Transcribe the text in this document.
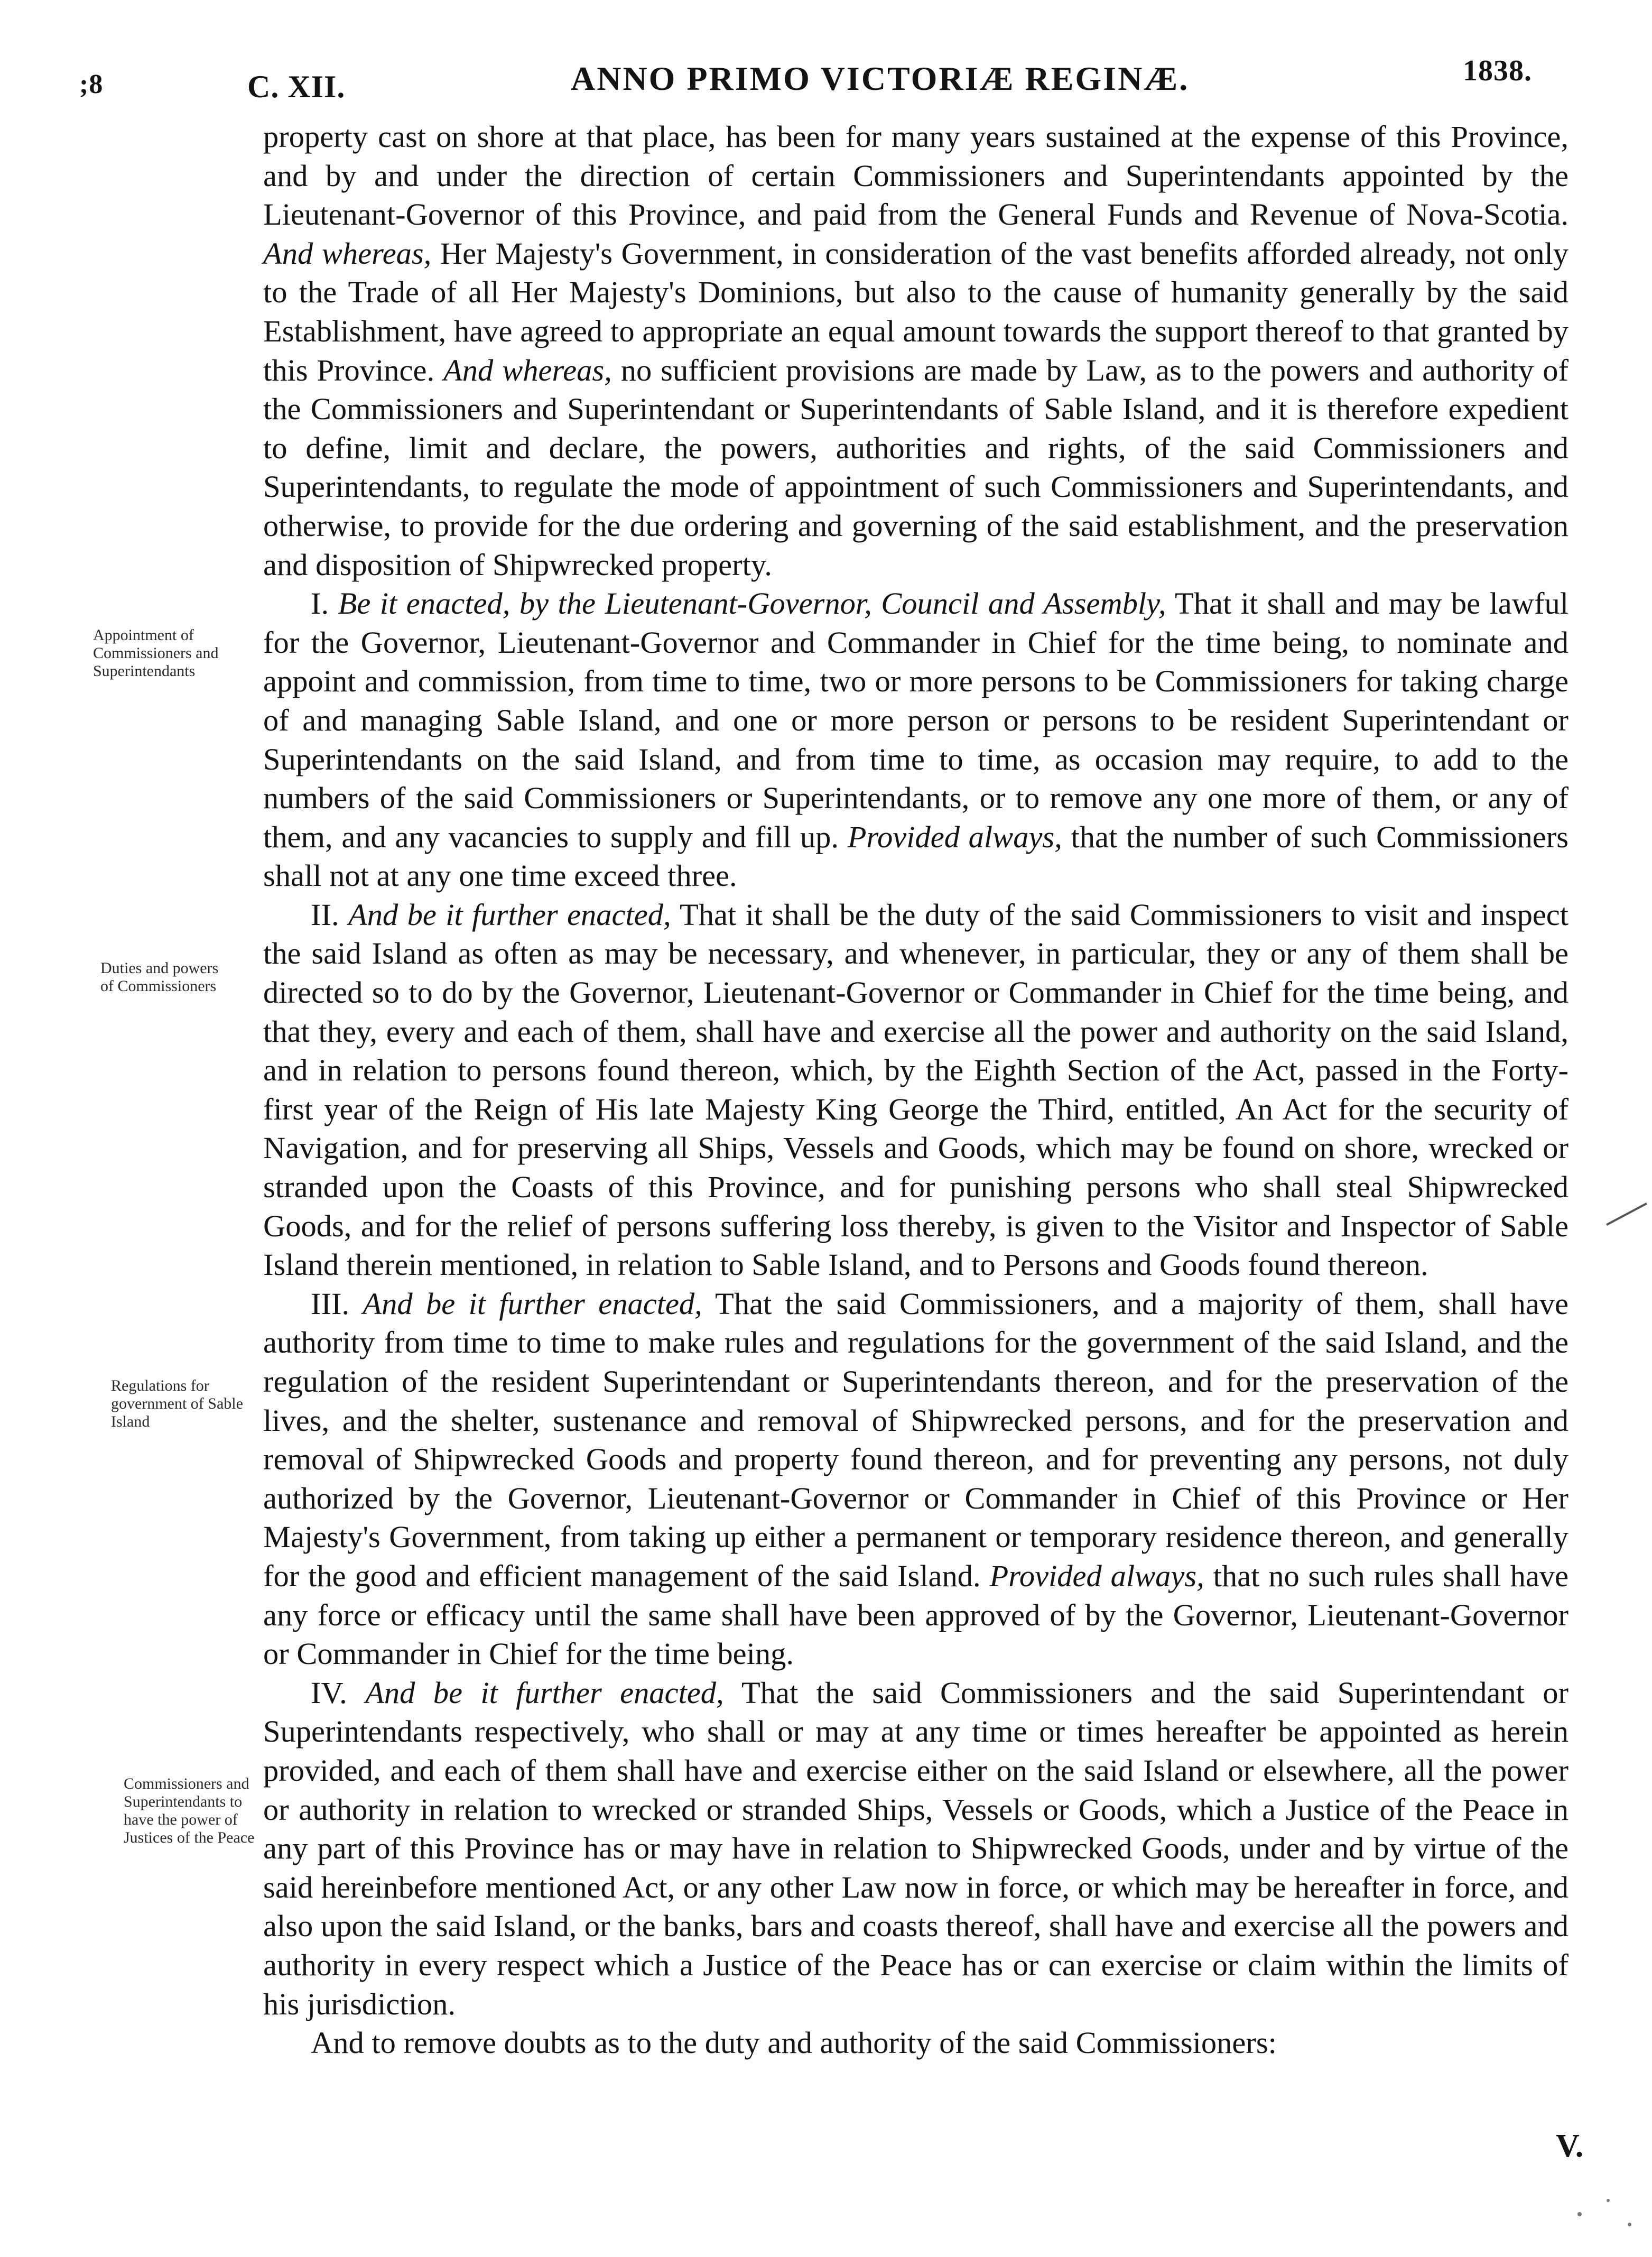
;8	C. XII.	ANNO PRIMO VICTORIÆ REGINÆ.	1838.

property cast on shore at that place, has been for many years sustained at the expense of this Province, and by and under the direction of certain Commissioners and Superintendants appointed by the Lieutenant-Governor of this Province, and paid from the General Funds and Revenue of Nova-Scotia. And whereas, Her Majesty's Government, in consideration of the vast benefits afforded already, not only to the Trade of all Her Majesty's Dominions, but also to the cause of humanity generally by the said Establishment, have agreed to appropriate an equal amount towards the support thereof to that granted by this Province. And whereas, no sufficient provisions are made by Law, as to the powers and authority of the Commissioners and Superintendant or Superintendants of Sable Island, and it is therefore expedient to define, limit and declare, the powers, authorities and rights, of the said Commissioners and Superintendants, to regulate the mode of appointment of such Commissioners and Superintendants, and otherwise, to provide for the due ordering and governing of the said establishment, and the preservation and disposition of Shipwrecked property.

I. Be it enacted, by the Lieutenant-Governor, Council and Assembly, That it shall and may be lawful for the Governor, Lieutenant-Governor and Commander in Chief for the time being, to nominate and appoint and commission, from time to time, two or more persons to be Commissioners for taking charge of and managing Sable Island, and one or more person or persons to be resident Superintendant or Superintendants on the said Island, and from time to time, as occasion may require, to add to the numbers of the said Commissioners or Superintendants, or to remove any one more of them, or any of them, and any vacancies to supply and fill up. Provided always, that the number of such Commissioners shall not at any one time exceed three.

II. And be it further enacted, That it shall be the duty of the said Commissioners to visit and inspect the said Island as often as may be necessary, and whenever, in particular, they or any of them shall be directed so to do by the Governor, Lieutenant-Governor or Commander in Chief for the time being, and that they, every and each of them, shall have and exercise all the power and authority on the said Island, and in relation to persons found thereon, which, by the Eighth Section of the Act, passed in the Forty-first year of the Reign of His late Majesty King George the Third, entitled, An Act for the security of Navigation, and for preserving all Ships, Vessels and Goods, which may be found on shore, wrecked or stranded upon the Coasts of this Province, and for punishing persons who shall steal Shipwrecked Goods, and for the relief of persons suffering loss thereby, is given to the Visitor and Inspector of Sable Island therein mentioned, in relation to Sable Island, and to Persons and Goods found thereon.

III. And be it further enacted, That the said Commissioners, and a majority of them, shall have authority from time to time to make rules and regulations for the government of the said Island, and the regulation of the resident Superintendant or Superintendants thereon, and for the preservation of the lives, and the shelter, sustenance and removal of Shipwrecked persons, and for the preservation and removal of Shipwrecked Goods and property found thereon, and for preventing any persons, not duly authorized by the Governor, Lieutenant-Governor or Commander in Chief of this Province or Her Majesty's Government, from taking up either a permanent or temporary residence thereon, and generally for the good and efficient management of the said Island. Provided always, that no such rules shall have any force or efficacy until the same shall have been approved of by the Governor, Lieutenant-Governor or Commander in Chief for the time being.

IV. And be it further enacted, That the said Commissioners and the said Superintendant or Superintendants respectively, who shall or may at any time or times hereafter be appointed as herein provided, and each of them shall have and exercise either on the said Island or elsewhere, all the power or authority in relation to wrecked or stranded Ships, Vessels or Goods, which a Justice of the Peace in any part of this Province has or may have in relation to Shipwrecked Goods, under and by virtue of the said hereinbefore mentioned Act, or any other Law now in force, or which may be hereafter in force, and also upon the said Island, or the banks, bars and coasts thereof, shall have and exercise all the powers and authority in every respect which a Justice of the Peace has or can exercise or claim within the limits of his jurisdiction.

And to remove doubts as to the duty and authority of the said Commissioners:

Appointment of Commissioners and Superintendants
Duties and powers of Commissioners
Regulations for government of Sable Island
Commissioners and Superintendants to have the power of Justices of the Peace
V.
